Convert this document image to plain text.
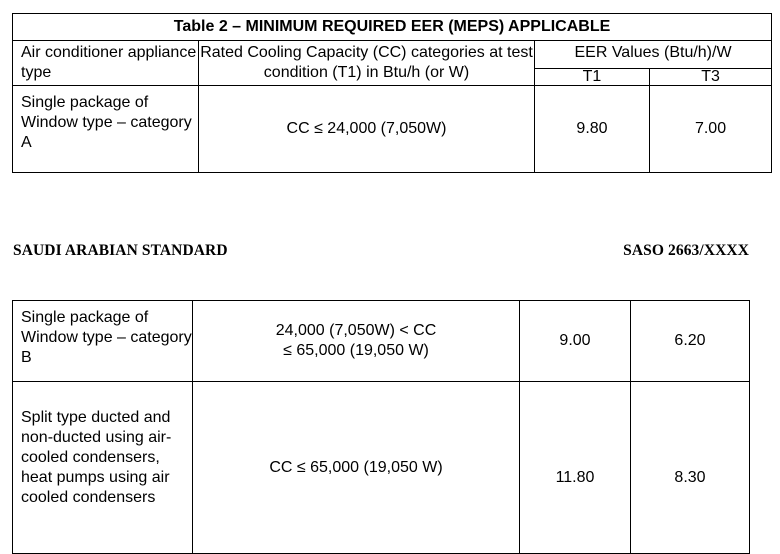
Table 2 – MINIMUM REQUIRED EER (MEPS) APPLICABLE			
Air conditioner appliance type	Rated Cooling Capacity (CC) categories at test condition (T1) in Btu/h (or W)	EER Values (Btu/h)/W	
		T1	T3
Single package of Window type – category A	CC ≤ 24,000 (7,050W)	9.80	7.00
SAUDI ARABIAN STANDARD	SASO 2663/XXXX
Single package of Window type – category B	24,000 (7,050W) < CC
≤ 65,000 (19,050 W)	9.00	6.20
Split type ducted and non-ducted using air-cooled condensers, heat pumps using air cooled condensers	CC ≤ 65,000 (19,050 W)	11.80	8.30
